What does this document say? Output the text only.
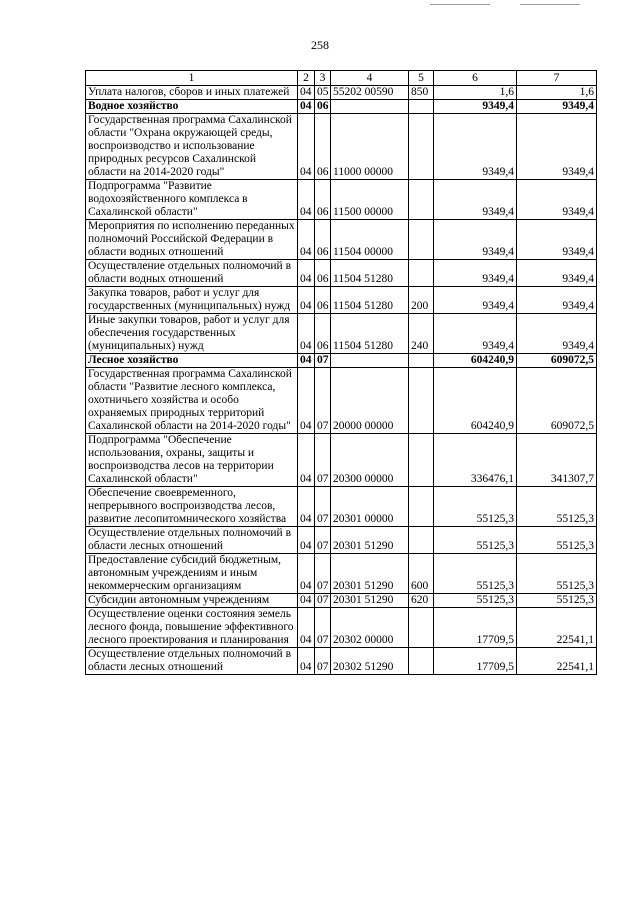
258
1	2	3	4	5	6	7
Уплата налогов, сборов и иных платежей	04	05	55202 00590	850	1,6	1,6
Водное хозяйство	04	06			9349,4	9349,4
Государственная программа Сахалинской области "Охрана окружающей среды, воспроизводство и использование природных ресурсов Сахалинской области на 2014-2020 годы"	04	06	11000 00000		9349,4	9349,4
Подпрограмма "Развитие водохозяйственного комплекса в Сахалинской области"	04	06	11500 00000		9349,4	9349,4
Мероприятия по исполнению переданных полномочий Российской Федерации в области водных отношений	04	06	11504 00000		9349,4	9349,4
Осуществление отдельных полномочий в области водных отношений	04	06	11504 51280		9349,4	9349,4
Закупка товаров, работ и услуг для государственных (муниципальных) нужд	04	06	11504 51280	200	9349,4	9349,4
Иные закупки товаров, работ и услуг для обеспечения государственных (муниципальных) нужд	04	06	11504 51280	240	9349,4	9349,4
Лесное хозяйство	04	07			604240,9	609072,5
Государственная программа Сахалинской области "Развитие лесного комплекса, охотничьего хозяйства и особо охраняемых природных территорий Сахалинской области на 2014-2020 годы"	04	07	20000 00000		604240,9	609072,5
Подпрограмма "Обеспечение использования, охраны, защиты и воспроизводства лесов на территории Сахалинской области"	04	07	20300 00000		336476,1	341307,7
Обеспечение своевременного, непрерывного воспроизводства лесов, развитие лесопитомнического хозяйства	04	07	20301 00000		55125,3	55125,3
Осуществление отдельных полномочий в области лесных отношений	04	07	20301 51290		55125,3	55125,3
Предоставление субсидий бюджетным, автономным учреждениям и иным некоммерческим организациям	04	07	20301 51290	600	55125,3	55125,3
Субсидии автономным учреждениям	04	07	20301 51290	620	55125,3	55125,3
Осуществление оценки состояния земель лесного фонда, повышение эффективного лесного проектирования и планирования	04	07	20302 00000		17709,5	22541,1
Осуществление отдельных полномочий в области лесных отношений	04	07	20302 51290		17709,5	22541,1
